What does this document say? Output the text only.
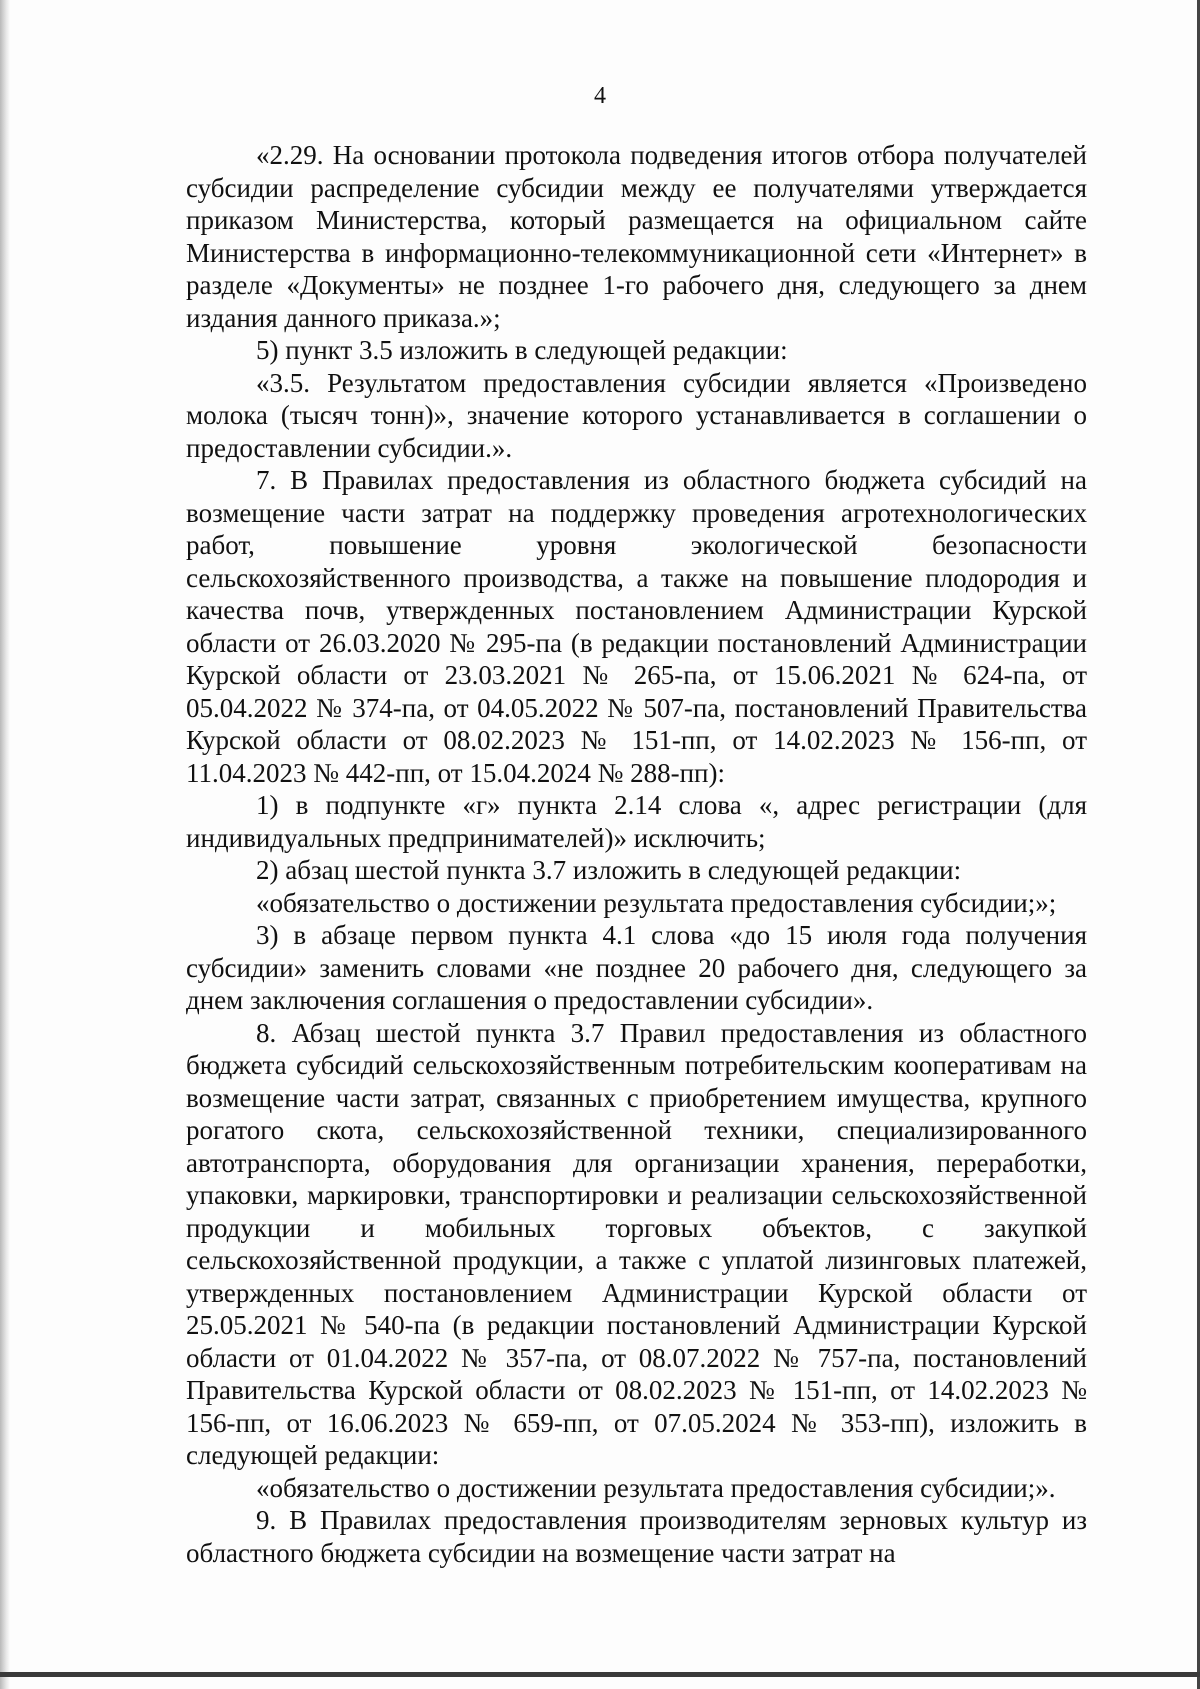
4

«2.29. На основании протокола подведения итогов отбора получателей субсидии распределение субсидии между ее получателями утверждается приказом Министерства, который размещается на официальном сайте Министерства в информационно-телекоммуникационной сети «Интернет» в разделе «Документы» не позднее 1-го рабочего дня, следующего за днем издания данного приказа.»;

5) пункт 3.5 изложить в следующей редакции:

«3.5. Результатом предоставления субсидии является «Произведено молока (тысяч тонн)», значение которого устанавливается в соглашении о предоставлении субсидии.».

7. В Правилах предоставления из областного бюджета субсидий на возмещение части затрат на поддержку проведения агротехнологических работ, повышение уровня экологической безопасности сельскохозяйственного производства, а также на повышение плодородия и качества почв, утвержденных постановлением Администрации Курской области от 26.03.2020 № 295-па (в редакции постановлений Администрации Курской области от 23.03.2021 № 265-па, от 15.06.2021 № 624-па, от 05.04.2022 № 374-па, от 04.05.2022 № 507-па, постановлений Правительства Курской области от 08.02.2023 № 151-пп, от 14.02.2023 № 156-пп, от 11.04.2023 № 442-пп, от 15.04.2024 № 288-пп):

1) в подпункте «г» пункта 2.14 слова «, адрес регистрации (для индивидуальных предпринимателей)» исключить;

2) абзац шестой пункта 3.7 изложить в следующей редакции:

«обязательство о достижении результата предоставления субсидии;»;

3) в абзаце первом пункта 4.1 слова «до 15 июля года получения субсидии» заменить словами «не позднее 20 рабочего дня, следующего за днем заключения соглашения о предоставлении субсидии».

8. Абзац шестой пункта 3.7 Правил предоставления из областного бюджета субсидий сельскохозяйственным потребительским кооперативам на возмещение части затрат, связанных с приобретением имущества, крупного рогатого скота, сельскохозяйственной техники, специализированного автотранспорта, оборудования для организации хранения, переработки, упаковки, маркировки, транспортировки и реализации сельскохозяйственной продукции и мобильных торговых объектов, с закупкой сельскохозяйственной продукции, а также с уплатой лизинговых платежей, утвержденных постановлением Администрации Курской области от 25.05.2021 № 540-па (в редакции постановлений Администрации Курской области от 01.04.2022 № 357-па, от 08.07.2022 № 757-па, постановлений Правительства Курской области от 08.02.2023 № 151-пп, от 14.02.2023 № 156-пп, от 16.06.2023 № 659-пп, от 07.05.2024 № 353-пп), изложить в следующей редакции:

«обязательство о достижении результата предоставления субсидии;».

9. В Правилах предоставления производителям зерновых культур из областного бюджета субсидии на возмещение части затрат на
